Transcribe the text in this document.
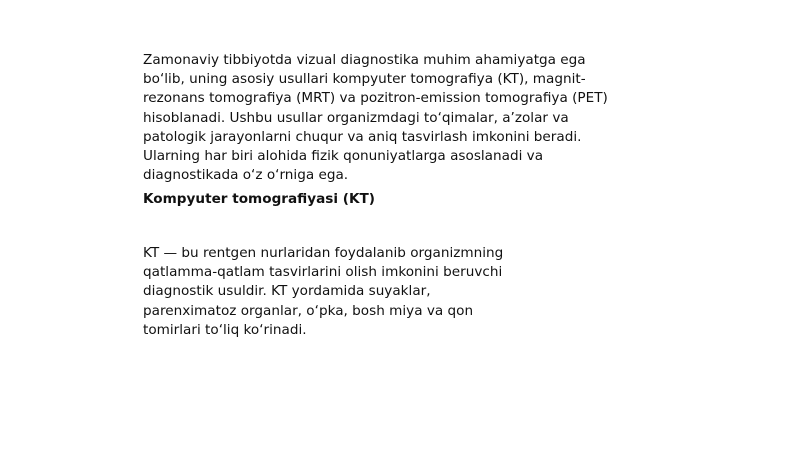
Zamonaviy tibbiyotda vizual diagnostika muhim ahamiyatga ega
bo‘lib, uning asosiy usullari kompyuter tomografiya (KT), magnit-
rezonans tomografiya (MRT) va pozitron-emission tomografiya (PET)
hisoblanadi. Ushbu usullar organizmdagi to‘qimalar, a’zolar va
patologik jarayonlarni chuqur va aniq tasvirlash imkonini beradi.
Ularning har biri alohida fizik qonuniyatlarga asoslanadi va
diagnostikada o‘z o‘rniga ega.

Kompyuter tomografiyasi (KT)

KT — bu rentgen nurlaridan foydalanib organizmning
qatlamma-qatlam tasvirlarini olish imkonini beruvchi
diagnostik usuldir. KT yordamida suyaklar,
parenximatoz organlar, o‘pka, bosh miya va qon
tomirlari to‘liq ko‘rinadi.
